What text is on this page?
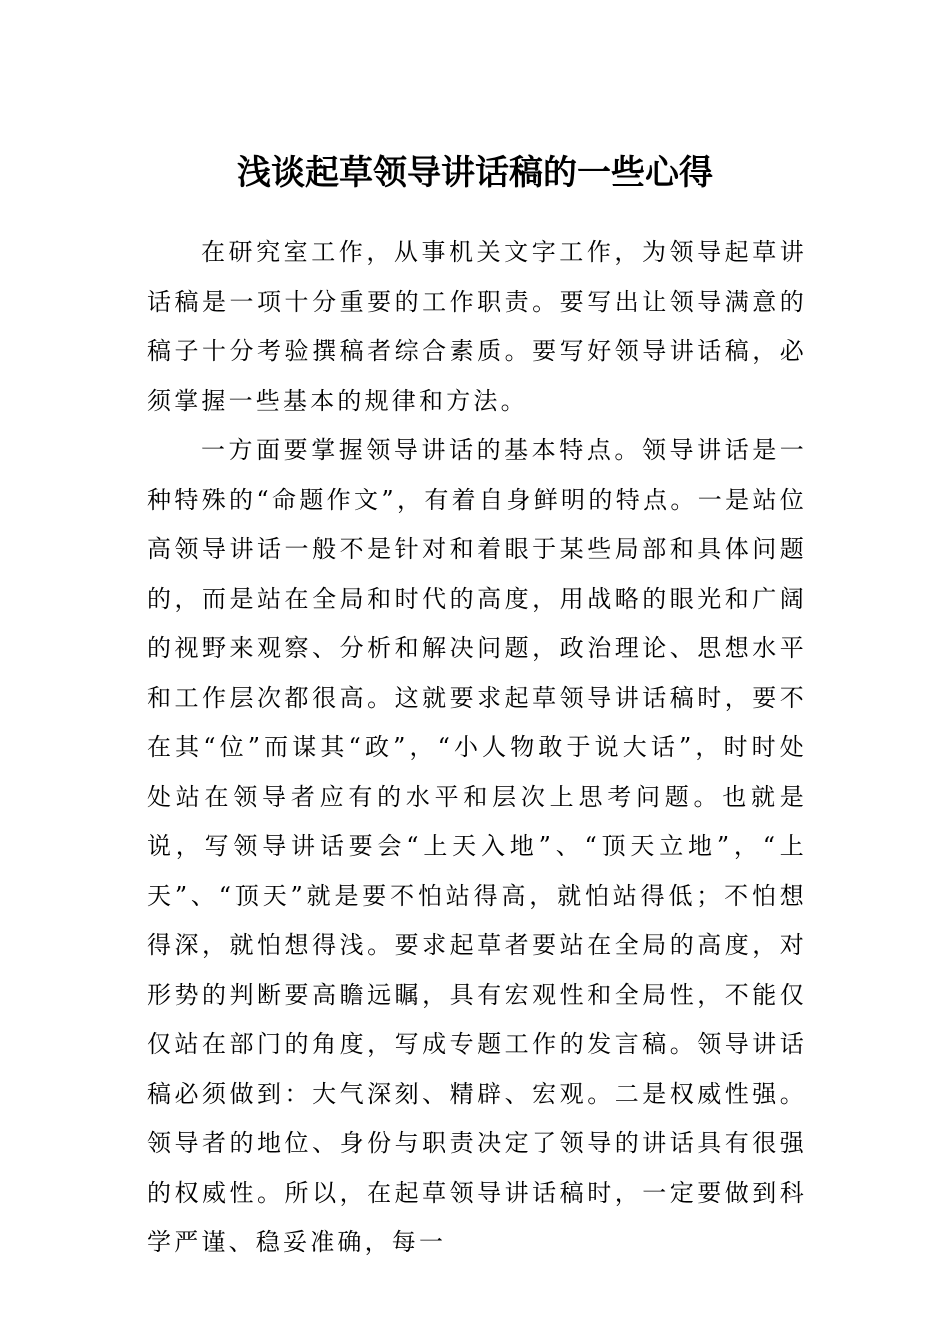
浅谈起草领导讲话稿的一些心得

在研究室工作，从事机关文字工作，为领导起草讲话稿是一项十分重要的工作职责。要写出让领导满意的稿子十分考验撰稿者综合素质。要写好领导讲话稿，必须掌握一些基本的规律和方法。

一方面要掌握领导讲话的基本特点。领导讲话是一种特殊的“命题作文”，有着自身鲜明的特点。一是站位高领导讲话一般不是针对和着眼于某些局部和具体问题的，而是站在全局和时代的高度，用战略的眼光和广阔的视野来观察、分析和解决问题，政治理论、思想水平和工作层次都很高。这就要求起草领导讲话稿时，要不在其“位”而谋其“政”，“小人物敢于说大话”，时时处处站在领导者应有的水平和层次上思考问题。也就是说，写领导讲话要会“上天入地”、“顶天立地”，“上天”、“顶天”就是要不怕站得高，就怕站得低；不怕想得深，就怕想得浅。要求起草者要站在全局的高度，对形势的判断要高瞻远瞩，具有宏观性和全局性，不能仅仅站在部门的角度，写成专题工作的发言稿。领导讲话稿必须做到：大气深刻、精辟、宏观。二是权威性强。领导者的地位、身份与职责决定了领导的讲话具有很强的权威性。所以，在起草领导讲话稿时，一定要做到科学严谨、稳妥准确，每一
